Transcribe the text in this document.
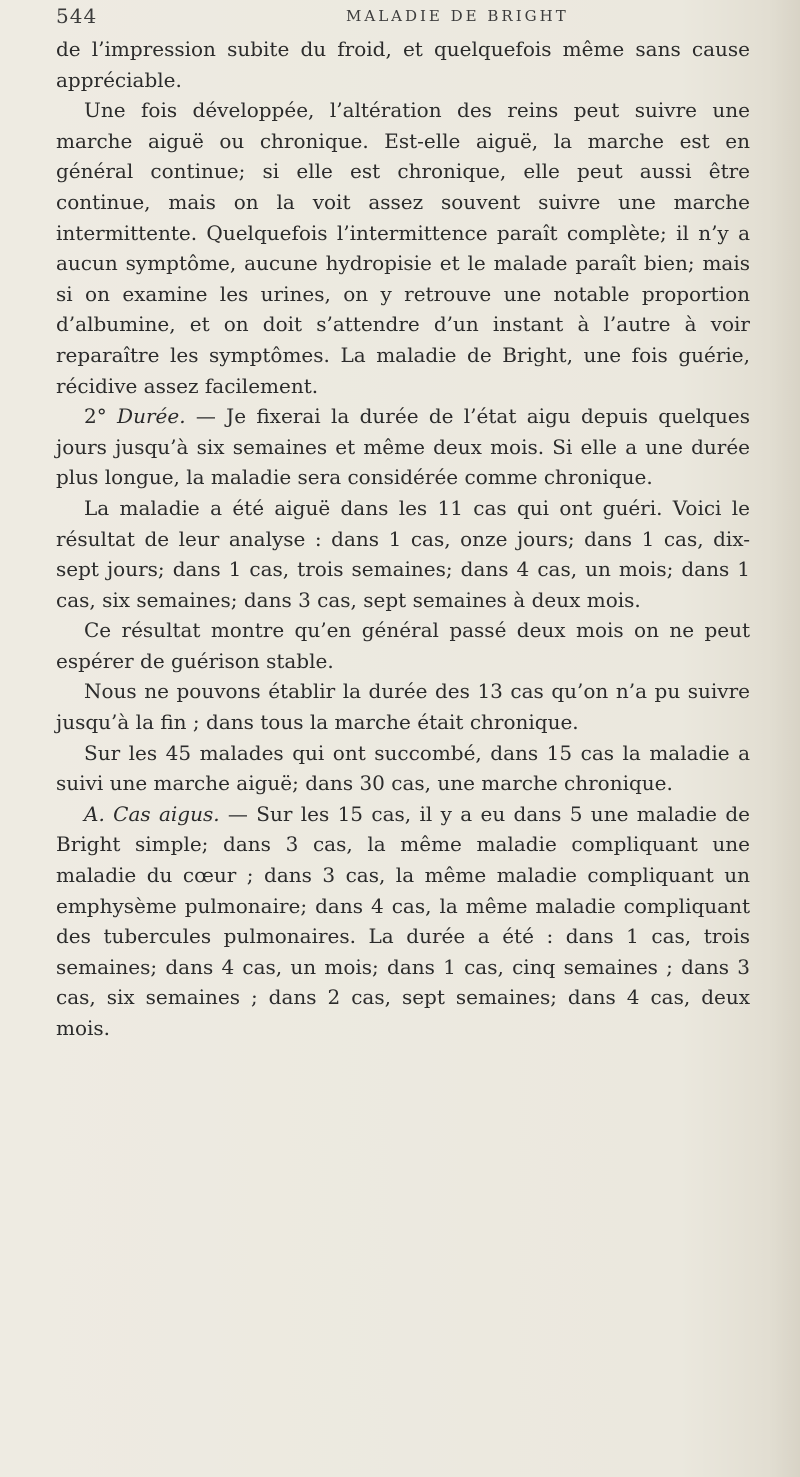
544	MALADIE DE BRIGHT

de l’impression subite du froid, et quelquefois même sans cause appréciable.

Une fois développée, l’altération des reins peut suivre une marche aiguë ou chronique. Est-elle aiguë, la marche est en général continue; si elle est chronique, elle peut aussi être continue, mais on la voit assez souvent suivre une marche intermittente. Quelquefois l’intermittence paraît complète; il n’y a aucun symptôme, aucune hydropisie et le malade paraît bien; mais si on examine les urines, on y retrouve une notable proportion d’albumine, et on doit s’attendre d’un instant à l’autre à voir reparaître les symptômes. La maladie de Bright, une fois guérie, récidive assez facilement.

2° Durée. — Je fixerai la durée de l’état aigu depuis quelques jours jusqu’à six semaines et même deux mois. Si elle a une durée plus longue, la maladie sera considérée comme chronique.

La maladie a été aiguë dans les 11 cas qui ont guéri. Voici le résultat de leur analyse : dans 1 cas, onze jours; dans 1 cas, dix-sept jours; dans 1 cas, trois semaines; dans 4 cas, un mois; dans 1 cas, six semaines; dans 3 cas, sept semaines à deux mois.

Ce résultat montre qu’en général passé deux mois on ne peut espérer de guérison stable.

Nous ne pouvons établir la durée des 13 cas qu’on n’a pu suivre jusqu’à la fin ; dans tous la marche était chronique.

Sur les 45 malades qui ont succombé, dans 15 cas la maladie a suivi une marche aiguë; dans 30 cas, une marche chronique.

A. Cas aigus. — Sur les 15 cas, il y a eu dans 5 une maladie de Bright simple; dans 3 cas, la même maladie compliquant une maladie du cœur ; dans 3 cas, la même maladie compliquant un emphysème pulmonaire; dans 4 cas, la même maladie compliquant des tubercules pulmonaires. La durée a été : dans 1 cas, trois semaines; dans 4 cas, un mois; dans 1 cas, cinq semaines ; dans 3 cas, six semaines ; dans 2 cas, sept semaines; dans 4 cas, deux mois.
